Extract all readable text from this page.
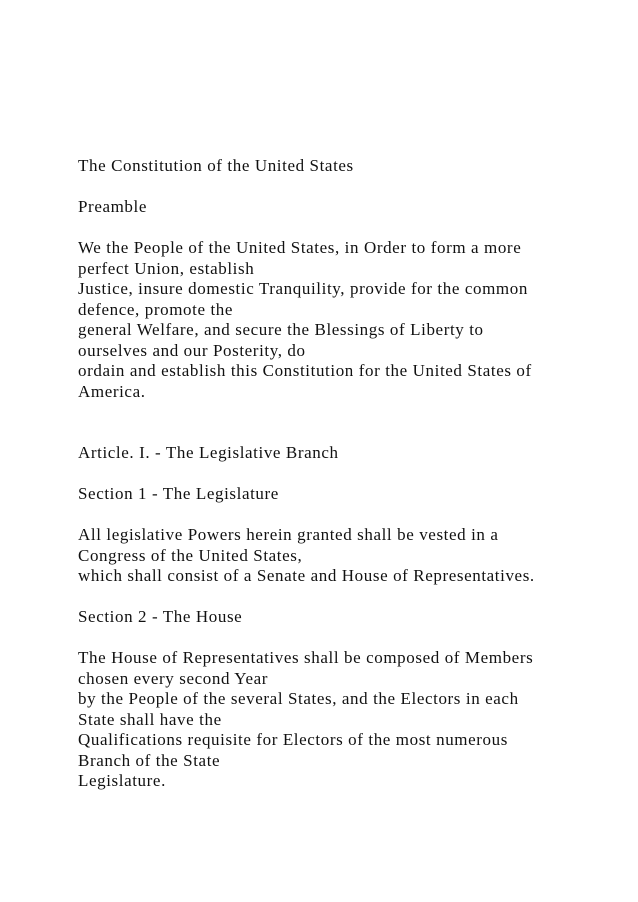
The Constitution of the United States
Preamble
We the People of the United States, in Order to form a more
perfect Union, establish
Justice, insure domestic Tranquility, provide for the common
defence, promote the
general Welfare, and secure the Blessings of Liberty to
ourselves and our Posterity, do
ordain and establish this Constitution for the United States of
America.
Article. I. - The Legislative Branch
Section 1 - The Legislature
All legislative Powers herein granted shall be vested in a
Congress of the United States,
which shall consist of a Senate and House of Representatives.
Section 2 - The House
The House of Representatives shall be composed of Members
chosen every second Year
by the People of the several States, and the Electors in each
State shall have the
Qualifications requisite for Electors of the most numerous
Branch of the State
Legislature.
